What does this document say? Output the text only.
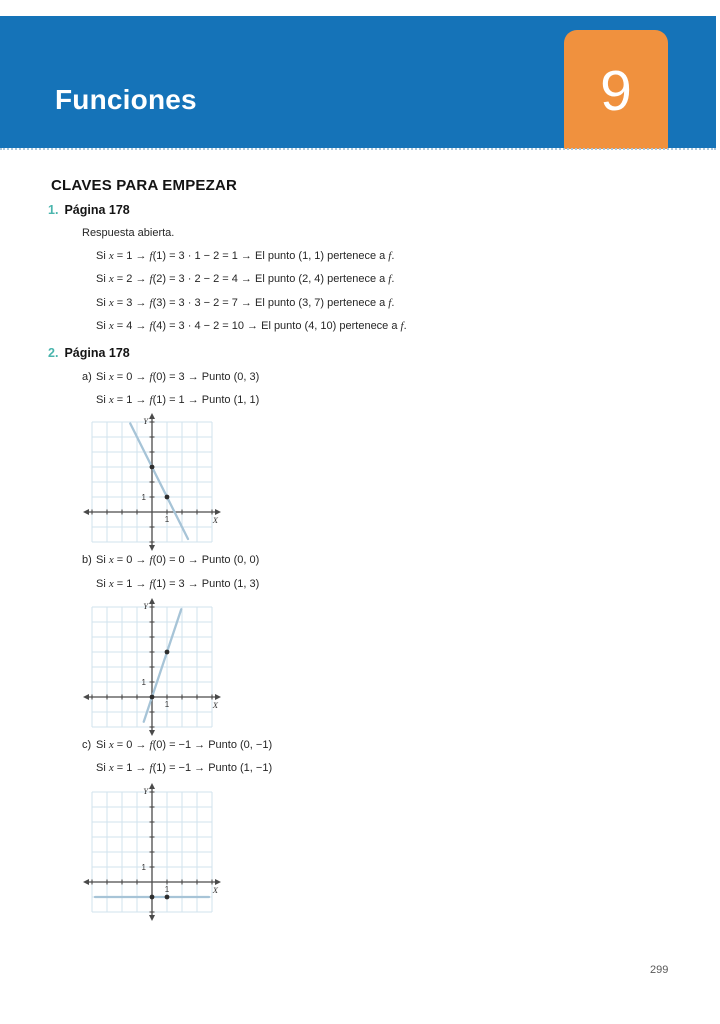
Funciones	9
CLAVES PARA EMPEZAR
1. Página 178
Respuesta abierta.
Si x = 1 → f(1) = 3 · 1 − 2 = 1 → El punto (1, 1) pertenece a f.
Si x = 2 → f(2) = 3 · 2 − 2 = 4 → El punto (2, 4) pertenece a f.
Si x = 3 → f(3) = 3 · 3 − 2 = 7 → El punto (3, 7) pertenece a f.
Si x = 4 → f(4) = 3 · 4 − 2 = 10 → El punto (4, 10) pertenece a f.
2. Página 178
a) Si x = 0 → f(0) = 3 → Punto (0, 3)
Si x = 1 → f(1) = 1 → Punto (1, 1)
Y
X
1
1
b) Si x = 0 → f(0) = 0 → Punto (0, 0)
Si x = 1 → f(1) = 3 → Punto (1, 3)
Y
X
1
1
c) Si x = 0 → f(0) = −1 → Punto (0, −1)
Si x = 1 → f(1) = −1 → Punto (1, −1)
Y
X
1
1
299
